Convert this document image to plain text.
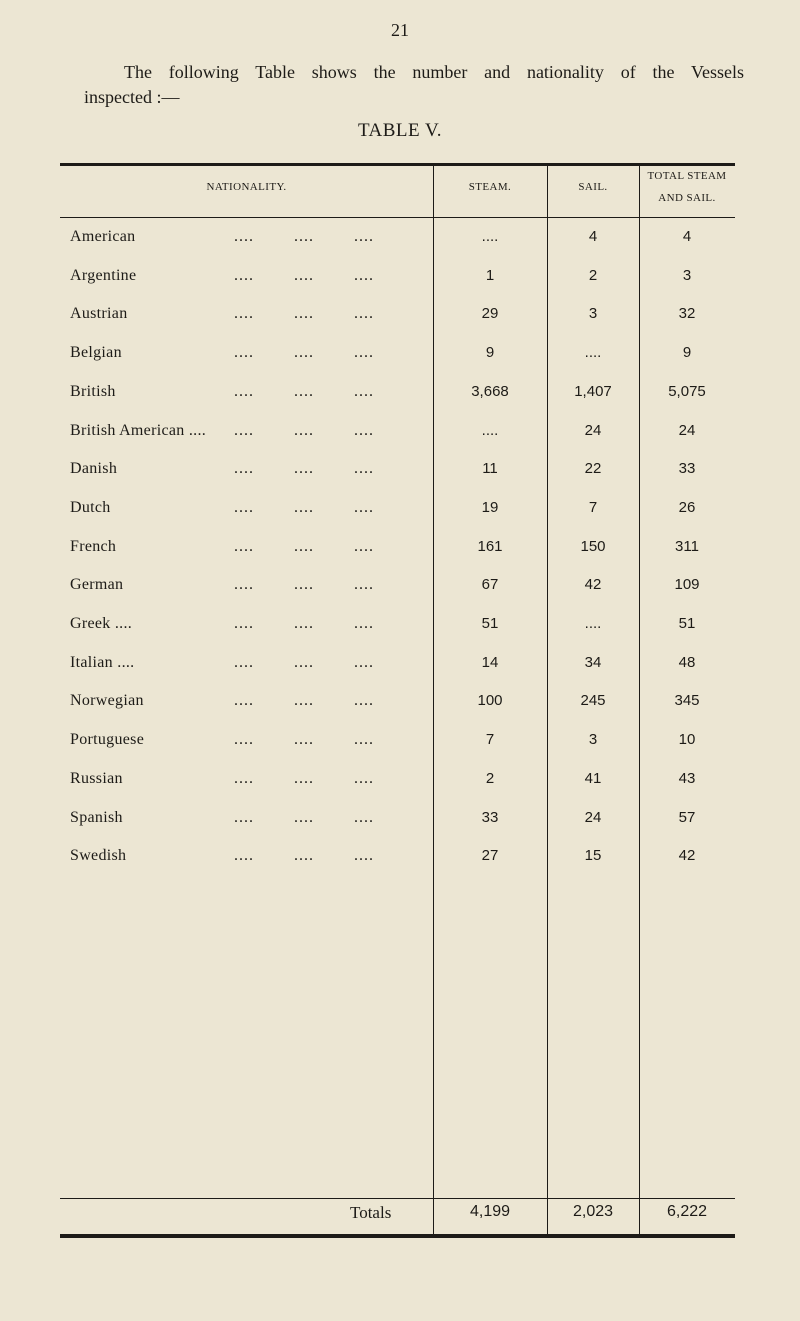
21
The following Table shows the number and nationality of the Vessels
inspected :—
TABLE V.
NATIONALITY.	STEAM.	SAIL.
TOTAL STEAM
AND SAIL.
American	....	....	....	....	4	4
Argentine	....	....	....	1	2	3
Austrian	....	....	....	29	3	32
Belgian	....	....	....	9	....	9
British	....	....	....	3,668	1,407	5,075
British American .... ....	....	....	....	24	24
Danish	....	....	....	11	22	33
Dutch	....	....	....	19	7	26
French	....	....	....	161	150	311
German	....	....	....	67	42	109
Greek ....	....	....	....	51	....	51
Italian ....	....	....	....	14	34	48
Norwegian	....	....	....	100	245	345
Portuguese	....	....	....	7	3	10
Russian	....	....	....	2	41	43
Spanish	....	....	....	33	24	57
Swedish	....	....	....	27	15	42
Totals	4,199	2,023	6,222
